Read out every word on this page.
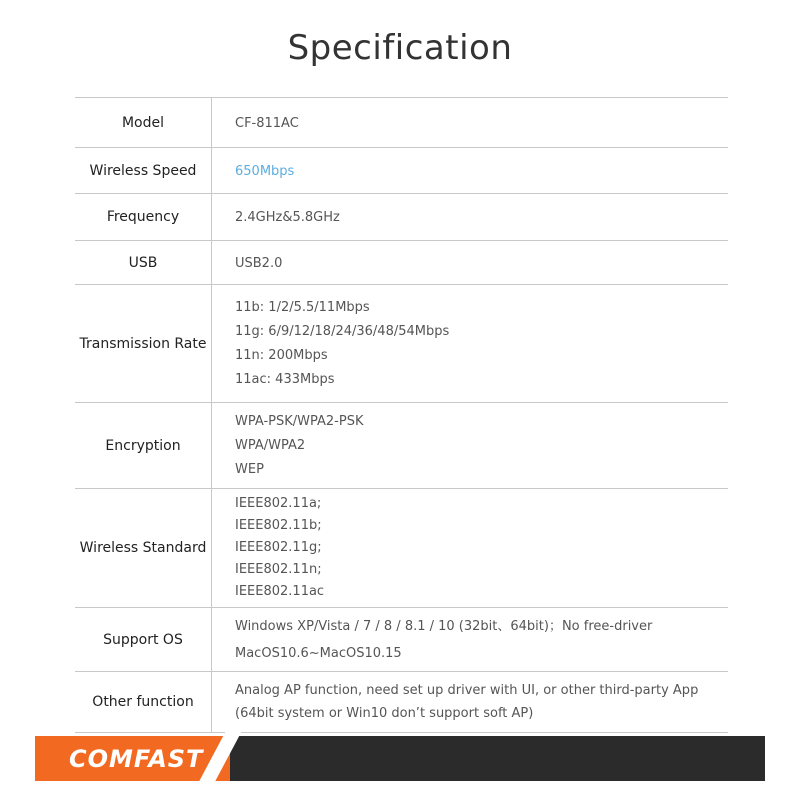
Specification
Model	CF-811AC

Wireless Speed	650Mbps

Frequency	2.4GHz&5.8GHz

USB	USB2.0

Transmission Rate	11b: 1/2/5.5/11Mbps
11g: 6/9/12/18/24/36/48/54Mbps
11n: 200Mbps
11ac: 433Mbps

Encryption	WPA-PSK/WPA2-PSK
WPA/WPA2
WEP

Wireless Standard	IEEE802.11a;
IEEE802.11b;
IEEE802.11g;
IEEE802.11n;
IEEE802.11ac

Support OS	Windows XP/Vista / 7 / 8 / 8.1 / 10 (32bit、64bit)；No free-driver
MacOS10.6~MacOS10.15

Other function	Analog AP function, need set up driver with UI, or other third-party App
(64bit system or Win10 don’t support soft AP)
COMFAST
